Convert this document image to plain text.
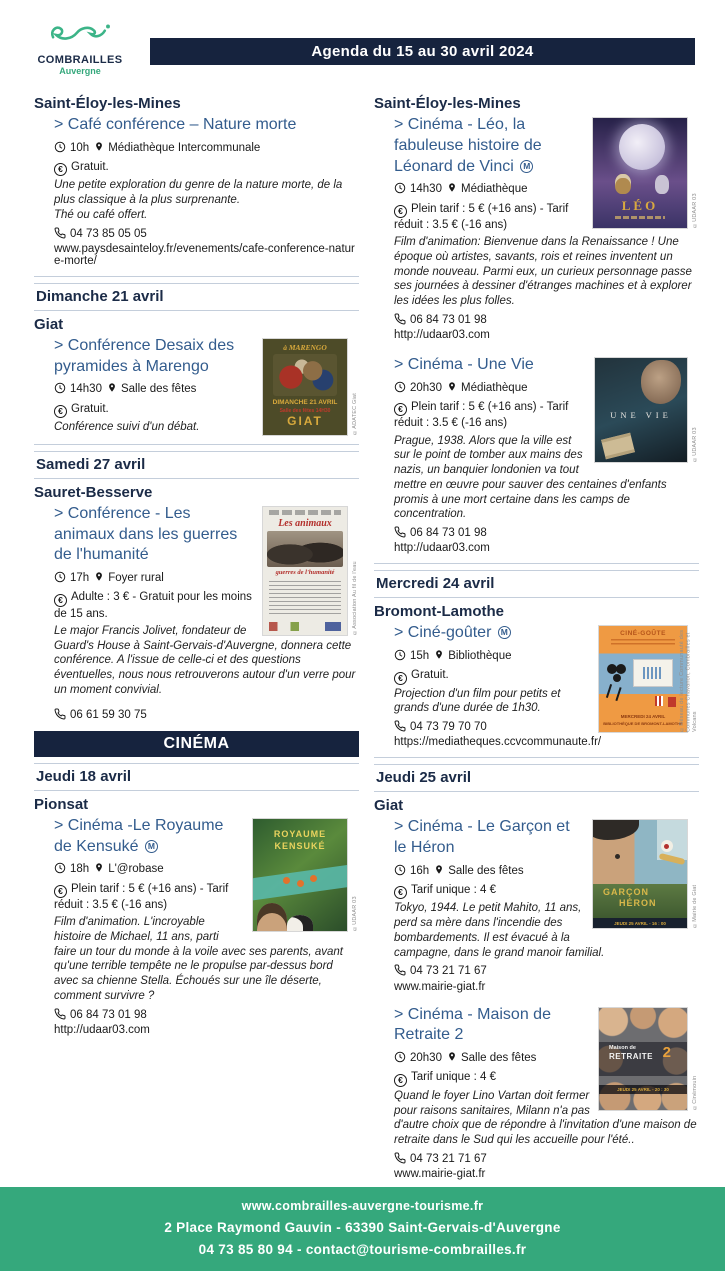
COMBRAILLES
Auvergne
Agenda du 15 au 30 avril 2024
Saint-Éloy-les-Mines
> Café conférence – Nature morte
10h Médiathèque Intercommunale
€ Gratuit.
Une petite exploration du genre de la nature morte, de la plus classique à la plus surprenante.
Thé ou café offert.
04 73 85 05 05
www.paysdesainteloy.fr/evenements/cafe-conference-nature-morte/
Dimanche 21 avril
Giat
à MARENGO
DIMANCHE 21 AVRIL
Salle des fêtes 14H30
GIAT	©ADATEC Giat
> Conférence Desaix des pyramides à Marengo
14h30 Salle des fêtes
€ Gratuit.
Conférence suivi d'un débat.
Samedi 27 avril
Sauret-Besserve
Les animaux
guerres de l'humanité	©Association Au fil de l'eau
> Conférence - Les animaux dans les guerres de l'humanité
17h Foyer rural
€ Adulte : 3 € - Gratuit pour les moins de 15 ans.
Le major Francis Jolivet, fondateur de Guard's House à Saint-Gervais-d'Auvergne, donnera cette conférence. A l'issue de celle-ci et des questions éventuelles, nous nous retrouverons autour d'un verre pour un moment convivial.
06 61 59 30 75
CINÉMA
Jeudi 18 avril
Pionsat
ROYAUME
KENSUKÉ
©UDAAR 03
> Cinéma -Le Royaume de Kensuké M
18h L'@robase
€ Plein tarif : 5 € (+16 ans) - Tarif réduit : 3.5 € (-16 ans)
Film d'animation. L'incroyable histoire de Michael, 11 ans, parti faire un tour du monde à la voile avec ses parents, avant qu'une terrible tempête ne le propulse par-dessus bord avec sa chienne Stella. Échoués sur une île déserte, comment survivre ?
06 84 73 01 98
http://udaar03.com
Saint-Éloy-les-Mines
LÉO	©UDAAR 03
> Cinéma - Léo, la fabuleuse histoire de Léonard de Vinci M
14h30 Médiathèque
€ Plein tarif : 5 € (+16 ans) - Tarif réduit : 3.5 € (-16 ans)
Film d'animation: Bienvenue dans la Renaissance ! Une époque où artistes, savants, rois et reines inventent un monde nouveau. Parmi eux, un curieux personnage passe ses journées à dessiner d'étranges machines et à explorer les idées les plus folles.
06 84 73 01 98
http://udaar03.com
UNE VIE
©UDAAR 03
> Cinéma - Une Vie
20h30 Médiathèque
€ Plein tarif : 5 € (+16 ans) - Tarif réduit : 3.5 € (-16 ans)
Prague, 1938. Alors que la ville est sur le point de tomber aux mains des nazis, un banquier londonien va tout mettre en œuvre pour sauver des centaines d'enfants promis à une mort certaine dans les camps de concentration.
06 84 73 01 98
http://udaar03.com
Mercredi 24 avril
Bromont-Lamothe
CINÉ-GOÛTE
MERCREDI 24 AVRIL
BIBLIOTHÈQUE DE BROMONT-LAMOTHE
©Réseau de lecture Communauté des Communes Chavanon, Combrailles et Volcans
> Ciné-goûter M
15h Bibliothèque
€ Gratuit.
Projection d'un film pour petits et grands d'une durée de 1h30.
04 73 79 70 70
https://mediatheques.ccvcommunaute.fr/
Jeudi 25 avril
Giat
GARÇON
HÉRON
JEUDI 25 AVRIL - 16 : 00	©Mairie de Giat
> Cinéma - Le Garçon et le Héron
16h Salle des fêtes
€ Tarif unique : 4 €
Tokyo, 1944. Le petit Mahito, 11 ans, perd sa mère dans l'incendie des bombardements. Il est évacué à la campagne, dans le grand manoir familial.
04 73 21 71 67
www.mairie-giat.fr
Maison de
RETRAITE 2
JEUDI 25 AVRIL - 20 : 30	©Cinémouin
> Cinéma - Maison de Retraite 2
20h30 Salle des fêtes
€ Tarif unique : 4 €
Quand le foyer Lino Vartan doit fermer pour raisons sanitaires, Milann n'a pas d'autre choix que de répondre à l'invitation d'une maison de retraite dans le Sud qui les accueille pour l'été..
04 73 21 71 67
www.mairie-giat.fr
www.combrailles-auvergne-tourisme.fr
2 Place Raymond Gauvin - 63390 Saint-Gervais-d'Auvergne
04 73 85 80 94 - contact@tourisme-combrailles.fr
